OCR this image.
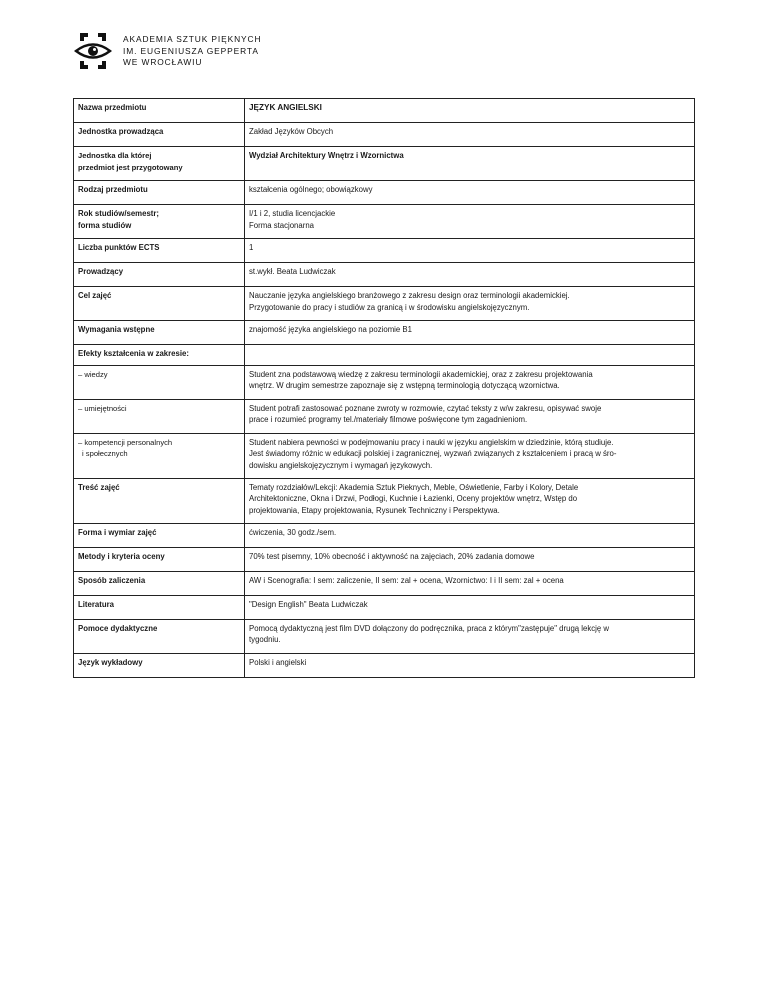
AKADEMIA SZTUK PIĘKNYCH
IM. EUGENIUSZA GEPPERTA
WE WROCŁAWIU
Nazwa przedmiotu	JĘZYK ANGIELSKI
Jednostka prowadząca	Zakład Języków Obcych

Jednostka dla której
przedmiot jest przygotowany	Wydział Architektury Wnętrz i Wzornictwa
Rodzaj przedmiotu	kształcenia ogólnego; obowiązkowy

Rok studiów/semestr;
forma studiów	I/1 i 2, studia licencjackie
Forma stacjonarna

Liczba punktów ECTS	1
Prowadzący	st.wykł. Beata Ludwiczak
Cel zajęć	Nauczanie języka angielskiego branżowego z zakresu design oraz terminologii akademickiej.
Przygotowanie do pracy i studiów za granicą i w środowisku angielskojęzycznym.

Wymagania wstępne	znajomość języka angielskiego na poziomie B1
Efekty kształcenia w zakresie:	
– wiedzy	Student zna podstawową wiedzę z zakresu terminologii akademickiej, oraz z zakresu projektowania
wnętrz. W drugim semestrze zapoznaje się z wstępną terminologią dotyczącą wzornictwa.

– umiejętności	Student potrafi zastosować poznane zwroty w rozmowie, czytać teksty z w/w zakresu, opisywać swoje
prace i rozumieć programy tel./materiały filmowe poświęcone tym zagadnieniom.

– kompetencji personalnych
i społecznych	Student nabiera pewności w podejmowaniu pracy i nauki w języku angielskim w dziedzinie, którą studiuje.
Jest świadomy różnic w edukacji polskiej i zagranicznej, wyzwań związanych z kształceniem i pracą w śro-
dowisku angielskojęzycznym i wymagań językowych.

Treść zajęć	Tematy rozdziałów/Lekcji: Akademia Sztuk Pieknych, Meble, Oświetlenie, Farby i Kolory, Detale
Architektoniczne, Okna i Drzwi, Podłogi, Kuchnie i Łazienki, Oceny projektów wnętrz, Wstęp do
projektowania, Etapy projektowania, Rysunek Techniczny i Perspektywa.

Forma i wymiar zajęć	ćwiczenia, 30 godz./sem.
Metody i kryteria oceny	70% test pisemny, 10% obecność i aktywność na zajęciach, 20% zadania domowe
Sposób zaliczenia	AW i Scenografia: I sem: zaliczenie, II sem: zal + ocena, Wzornictwo: I i II sem: zal + ocena
Literatura	"Design English" Beata Ludwiczak
Pomoce dydaktyczne	Pomocą dydaktyczną jest film DVD dołączony do podręcznika, praca z którym"zastępuje" drugą lekcję w
tygodniu.

Język wykładowy	Polski i angielski
